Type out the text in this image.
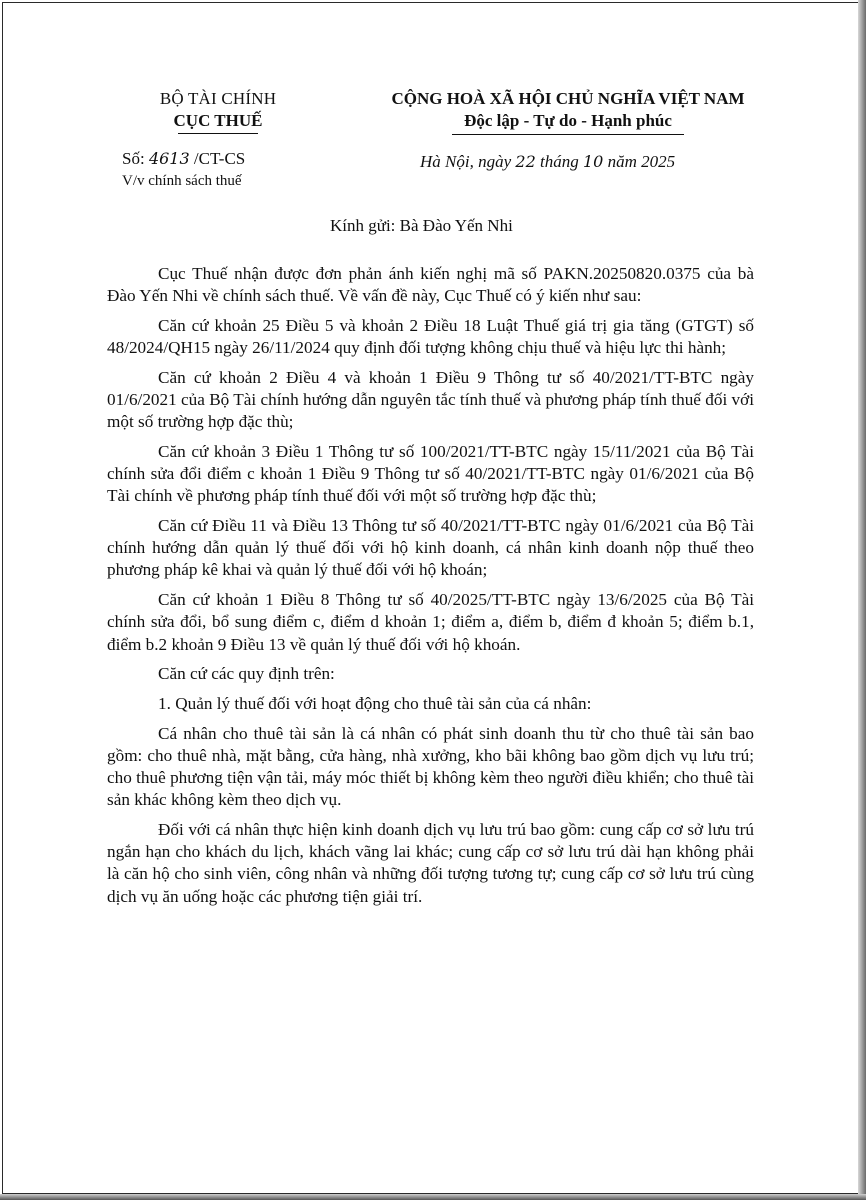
BỘ TÀI CHÍNH
CỤC THUẾ
Số: 4613 /CT-CS
V/v chính sách thuế
CỘNG HOÀ XÃ HỘI CHỦ NGHĨA VIỆT NAM
Độc lập - Tự do - Hạnh phúc
Hà Nội, ngày 22 tháng 10 năm 2025
Kính gửi: Bà Đào Yến Nhi

Cục Thuế nhận được đơn phản ánh kiến nghị mã số PAKN.20250820.0375 của bà Đào Yến Nhi về chính sách thuế. Về vấn đề này, Cục Thuế có ý kiến như sau:

Căn cứ khoản 25 Điều 5 và khoản 2 Điều 18 Luật Thuế giá trị gia tăng (GTGT) số 48/2024/QH15 ngày 26/11/2024 quy định đối tượng không chịu thuế và hiệu lực thi hành;

Căn cứ khoản 2 Điều 4 và khoản 1 Điều 9 Thông tư số 40/2021/TT-BTC ngày 01/6/2021 của Bộ Tài chính hướng dẫn nguyên tắc tính thuế và phương pháp tính thuế đối với một số trường hợp đặc thù;

Căn cứ khoản 3 Điều 1 Thông tư số 100/2021/TT-BTC ngày 15/11/2021 của Bộ Tài chính sửa đổi điểm c khoản 1 Điều 9 Thông tư số 40/2021/TT-BTC ngày 01/6/2021 của Bộ Tài chính về phương pháp tính thuế đối với một số trường hợp đặc thù;

Căn cứ Điều 11 và Điều 13 Thông tư số 40/2021/TT-BTC ngày 01/6/2021 của Bộ Tài chính hướng dẫn quản lý thuế đối với hộ kinh doanh, cá nhân kinh doanh nộp thuế theo phương pháp kê khai và quản lý thuế đối với hộ khoán;

Căn cứ khoản 1 Điều 8 Thông tư số 40/2025/TT-BTC ngày 13/6/2025 của Bộ Tài chính sửa đổi, bổ sung điểm c, điểm d khoản 1; điểm a, điểm b, điểm đ khoản 5; điểm b.1, điểm b.2 khoản 9 Điều 13 về quản lý thuế đối với hộ khoán.

Căn cứ các quy định trên:

1. Quản lý thuế đối với hoạt động cho thuê tài sản của cá nhân:

Cá nhân cho thuê tài sản là cá nhân có phát sinh doanh thu từ cho thuê tài sản bao gồm: cho thuê nhà, mặt bằng, cửa hàng, nhà xưởng, kho bãi không bao gồm dịch vụ lưu trú; cho thuê phương tiện vận tải, máy móc thiết bị không kèm theo người điều khiển; cho thuê tài sản khác không kèm theo dịch vụ.

Đối với cá nhân thực hiện kinh doanh dịch vụ lưu trú bao gồm: cung cấp cơ sở lưu trú ngắn hạn cho khách du lịch, khách vãng lai khác; cung cấp cơ sở lưu trú dài hạn không phải là căn hộ cho sinh viên, công nhân và những đối tượng tương tự; cung cấp cơ sở lưu trú cùng dịch vụ ăn uống hoặc các phương tiện giải trí.
